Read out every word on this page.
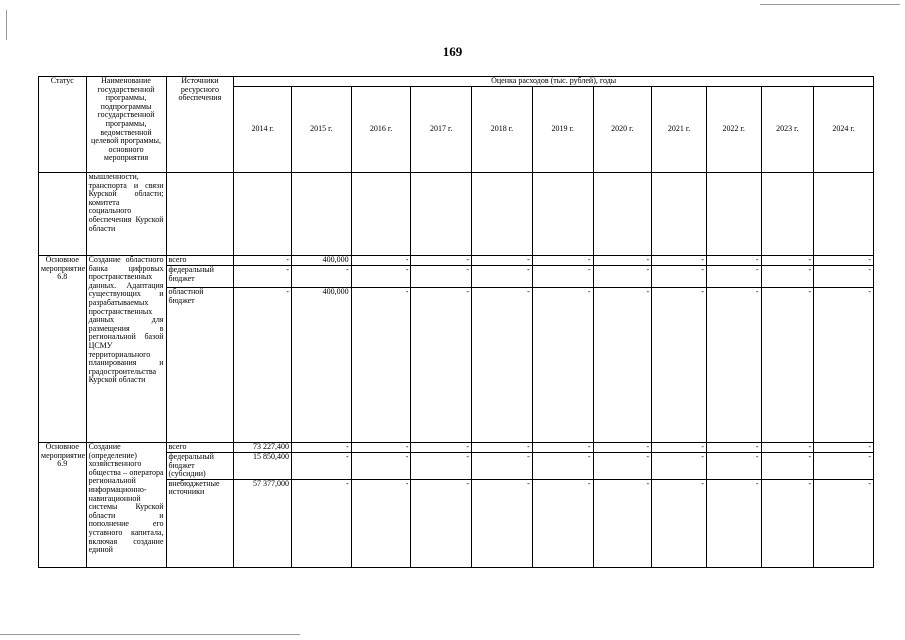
169
Статус	Наименование государственной программы, подпрограммы государственной программы, ведомственной целевой программы, основного мероприятия	Источники ресурсного обеспечения	Оценка расходов (тыс. рублей), годы										
			2014 г.	2015 г.	2016 г.	2017 г.	2018 г.	2019 г.	2020 г.	2021 г.	2022 г.	2023 г.	2024 г.
	мышленности, транспорта и связи Курской области; комитета социального обеспечения Курской области												
Основное мероприятие 6.8	Создание областного банка цифровых пространственных данных. Адаптация существующих и разрабатываемых пространственных данных для размещения в региональной базой ЦСМУ территориального планирования и градостроительства Курской области	всего	-	400,000	-	-	-	-	-	-	-	-	-
		федеральный бюджет	-	-	-	-	-	-	-	-	-	-	-
		областной бюджет	-	400,000	-	-	-	-	-	-	-	-	-
Основное мероприятие 6.9	Создание (определение) хозяйственного общества – оператора региональной информационно-навигационной системы Курской области и пополнение его уставного капитала, включая создание единой	всего	73 227,400	-	-	-	-	-	-	-	-	-	-
		федеральный бюджет (субсидии)	15 850,400	-	-	-	-	-	-	-	-	-	-
		внебюджетные источники	57 377,000	-	-	-	-	-	-	-	-	-	-
